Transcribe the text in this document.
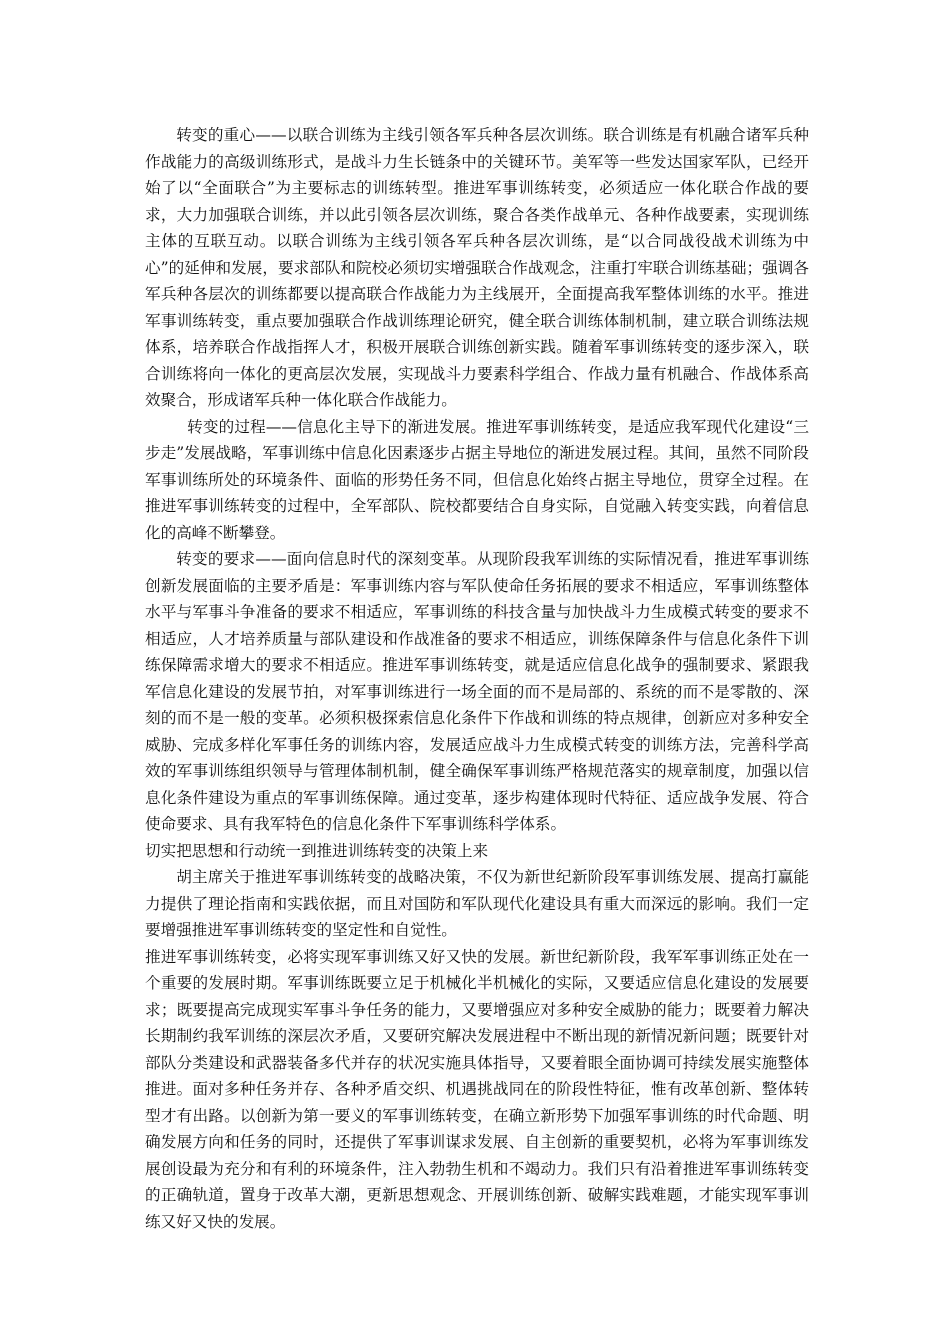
转变的重心——以联合训练为主线引领各军兵种各层次训练。联合训练是有机融合诸军兵种作战能力的高级训练形式，是战斗力生长链条中的关键环节。美军等一些发达国家军队，已经开始了以“全面联合”为主要标志的训练转型。推进军事训练转变，必须适应一体化联合作战的要求，大力加强联合训练，并以此引领各层次训练，聚合各类作战单元、各种作战要素，实现训练主体的互联互动。以联合训练为主线引领各军兵种各层次训练，是“以合同战役战术训练为中心”的延伸和发展，要求部队和院校必须切实增强联合作战观念，注重打牢联合训练基础；强调各军兵种各层次的训练都要以提高联合作战能力为主线展开，全面提高我军整体训练的水平。推进军事训练转变，重点要加强联合作战训练理论研究，健全联合训练体制机制，建立联合训练法规体系，培养联合作战指挥人才，积极开展联合训练创新实践。随着军事训练转变的逐步深入，联合训练将向一体化的更高层次发展，实现战斗力要素科学组合、作战力量有机融合、作战体系高效聚合，形成诸军兵种一体化联合作战能力。

转变的过程——信息化主导下的渐进发展。推进军事训练转变，是适应我军现代化建设“三步走”发展战略，军事训练中信息化因素逐步占据主导地位的渐进发展过程。其间，虽然不同阶段军事训练所处的环境条件、面临的形势任务不同，但信息化始终占据主导地位，贯穿全过程。在推进军事训练转变的过程中，全军部队、院校都要结合自身实际，自觉融入转变实践，向着信息化的高峰不断攀登。

转变的要求——面向信息时代的深刻变革。从现阶段我军训练的实际情况看，推进军事训练创新发展面临的主要矛盾是：军事训练内容与军队使命任务拓展的要求不相适应，军事训练整体水平与军事斗争准备的要求不相适应，军事训练的科技含量与加快战斗力生成模式转变的要求不相适应，人才培养质量与部队建设和作战准备的要求不相适应，训练保障条件与信息化条件下训练保障需求增大的要求不相适应。推进军事训练转变，就是适应信息化战争的强制要求、紧跟我军信息化建设的发展节拍，对军事训练进行一场全面的而不是局部的、系统的而不是零散的、深刻的而不是一般的变革。必须积极探索信息化条件下作战和训练的特点规律，创新应对多种安全威胁、完成多样化军事任务的训练内容，发展适应战斗力生成模式转变的训练方法，完善科学高效的军事训练组织领导与管理体制机制，健全确保军事训练严格规范落实的规章制度，加强以信息化条件建设为重点的军事训练保障。通过变革，逐步构建体现时代特征、适应战争发展、符合使命要求、具有我军特色的信息化条件下军事训练科学体系。

切实把思想和行动统一到推进训练转变的决策上来

胡主席关于推进军事训练转变的战略决策，不仅为新世纪新阶段军事训练发展、提高打赢能力提供了理论指南和实践依据，而且对国防和军队现代化建设具有重大而深远的影响。我们一定要增强推进军事训练转变的坚定性和自觉性。

推进军事训练转变，必将实现军事训练又好又快的发展。新世纪新阶段，我军军事训练正处在一个重要的发展时期。军事训练既要立足于机械化半机械化的实际，又要适应信息化建设的发展要求；既要提高完成现实军事斗争任务的能力，又要增强应对多种安全威胁的能力；既要着力解决长期制约我军训练的深层次矛盾，又要研究解决发展进程中不断出现的新情况新问题；既要针对部队分类建设和武器装备多代并存的状况实施具体指导，又要着眼全面协调可持续发展实施整体推进。面对多种任务并存、各种矛盾交织、机遇挑战同在的阶段性特征，惟有改革创新、整体转型才有出路。以创新为第一要义的军事训练转变，在确立新形势下加强军事训练的时代命题、明确发展方向和任务的同时，还提供了军事训谋求发展、自主创新的重要契机，必将为军事训练发展创设最为充分和有利的环境条件，注入勃勃生机和不竭动力。我们只有沿着推进军事训练转变的正确轨道，置身于改革大潮，更新思想观念、开展训练创新、破解实践难题，才能实现军事训练又好又快的发展。
